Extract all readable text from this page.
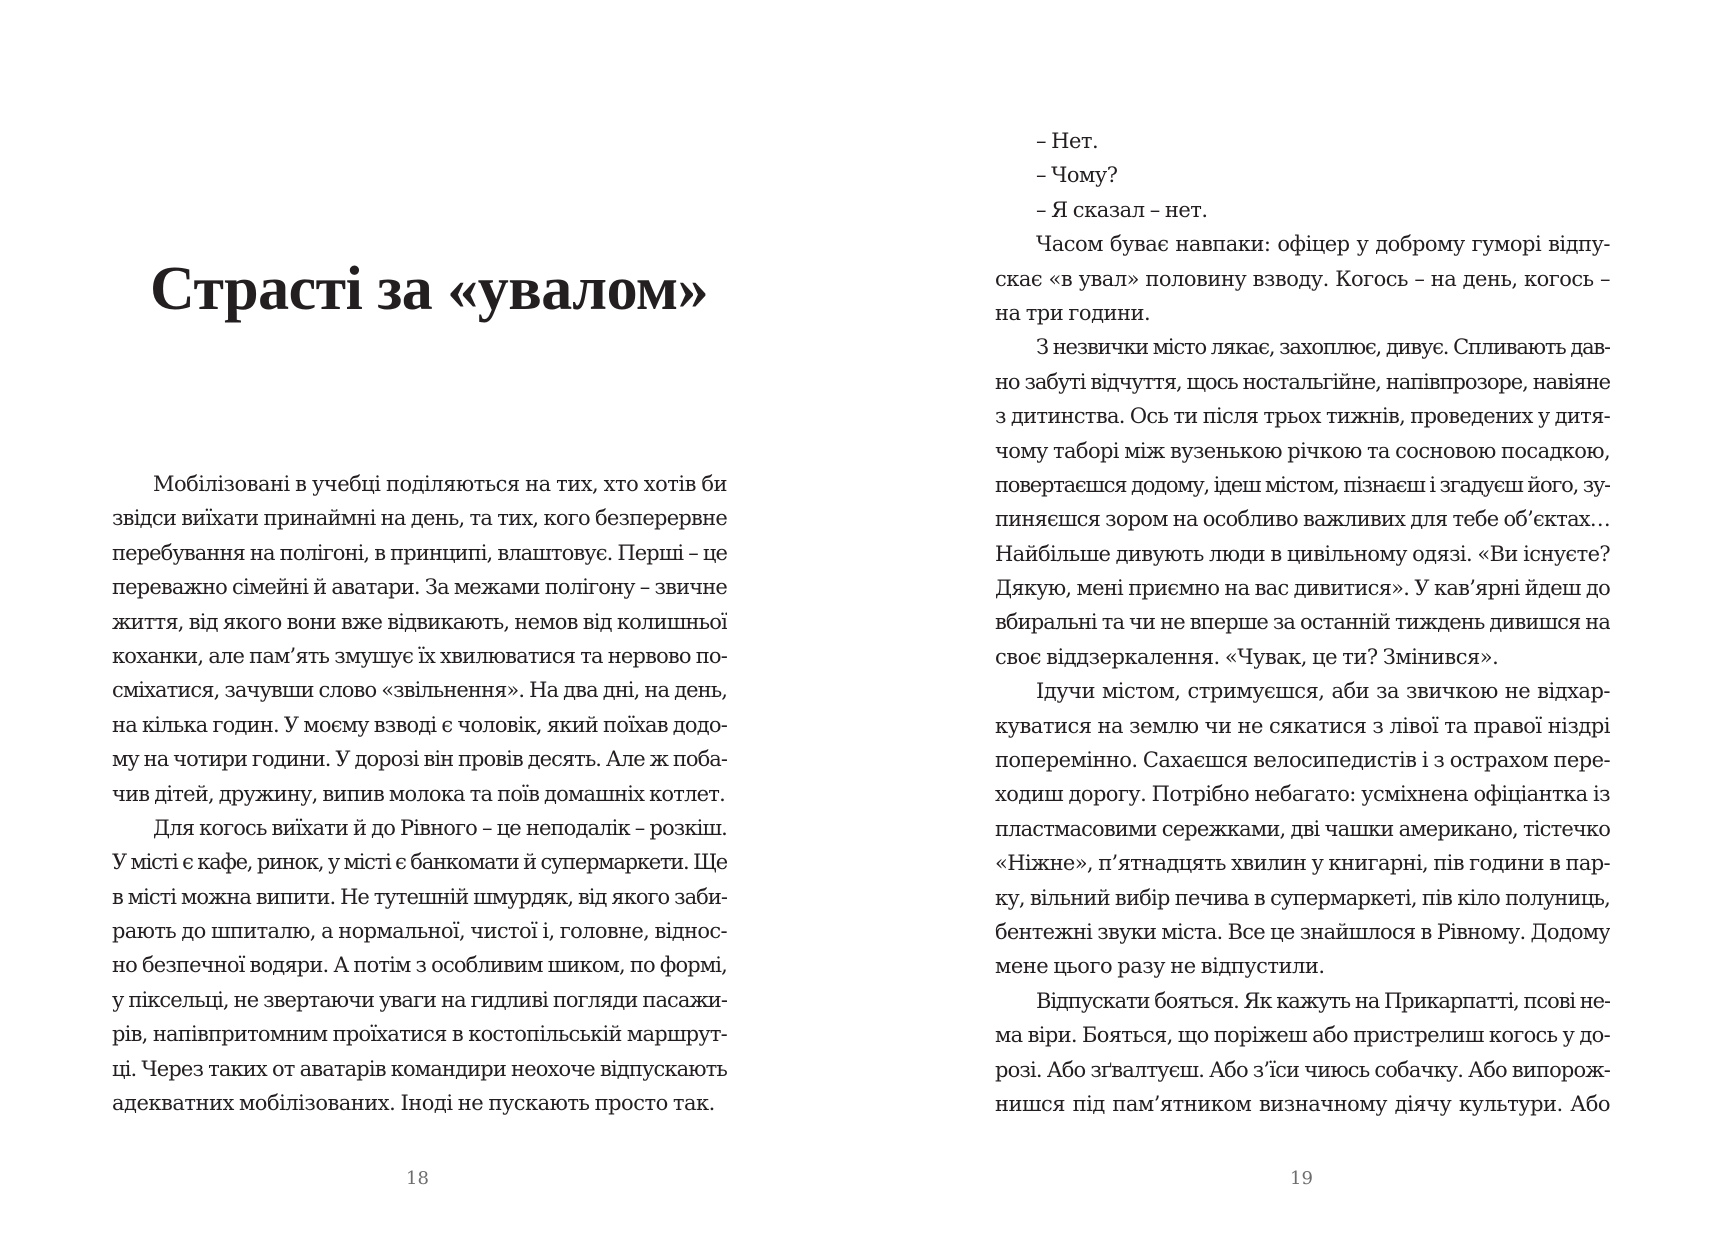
Страсті за «увалом»
Мобілізовані в учебці поділяються на тих, хто хотів би
звідси виїхати принаймні на день, та тих, кого безперервне
перебування на полігоні, в принципі, влаштовує. Перші – це
переважно сімейні й аватари. За межами полігону – звичне
життя, від якого вони вже відвикають, немов від колишньої
коханки, але пам’ять змушує їх хвилюватися та нервово по-
сміхатися, зачувши слово «звільнення». На два дні, на день,
на кілька годин. У моєму взводі є чоловік, який поїхав додо-
му на чотири години. У дорозі він провів десять. Але ж поба-
чив дітей, дружину, випив молока та поїв домашніх котлет.
Для когось виїхати й до Рівного – це неподалік – розкіш.
У місті є кафе, ринок, у місті є банкомати й супермаркети. Ще
в місті можна випити. Не тутешній шмурдяк, від якого заби-
рають до шпиталю, а нормальної, чистої і, головне, віднос-
но безпечної водяри. А потім з особливим шиком, по формі,
у піксельці, не звертаючи уваги на гидливі погляди пасажи-
рів, напівпритомним проїхатися в костопільській маршрут-
ці. Через таких от аватарів командири неохоче відпускають
адекватних мобілізованих. Іноді не пускають просто так.
18
– Нет.
– Чому?
– Я сказал – нет.
Часом буває навпаки: офіцер у доброму гуморі відпу-
скає «в увал» половину взводу. Когось – на день, когось –
на три години.
З незвички місто лякає, захоплює, дивує. Спливають дав-
но забуті відчуття, щось ностальгійне, напівпрозоре, навіяне
з дитинства. Ось ти після трьох тижнів, проведених у дитя-
чому таборі між вузенькою річкою та сосновою посадкою,
повертаєшся додому, ідеш містом, пізнаєш і згадуєш його, зу-
пиняєшся зором на особливо важливих для тебе об’єктах…
Найбільше дивують люди в цивільному одязі. «Ви існуєте?
Дякую, мені приємно на вас дивитися». У кав’ярні йдеш до
вбиральні та чи не вперше за останній тиждень дивишся на
своє віддзеркалення. «Чувак, це ти? Змінився».
Ідучи містом, стримуєшся, аби за звичкою не відхар-
куватися на землю чи не сякатися з лівої та правої ніздрі
поперемінно. Сахаєшся велосипедистів і з острахом пере-
ходиш дорогу. Потрібно небагато: усміхнена офіціантка із
пластмасовими сережками, дві чашки американо, тістечко
«Ніжне», п’ятнадцять хвилин у книгарні, пів години в пар-
ку, вільний вибір печива в супермаркеті, пів кіло полуниць,
бентежні звуки міста. Все це знайшлося в Рівному. Додому
мене цього разу не відпустили.
Відпускати бояться. Як кажуть на Прикарпатті, псові не-
ма віри. Бояться, що поріжеш або пристрелиш когось у до-
розі. Або зґвалтуєш. Або з’їси чиюсь собачку. Або випорож-
нишся під пам’ятником визначному діячу культури. Або
19
